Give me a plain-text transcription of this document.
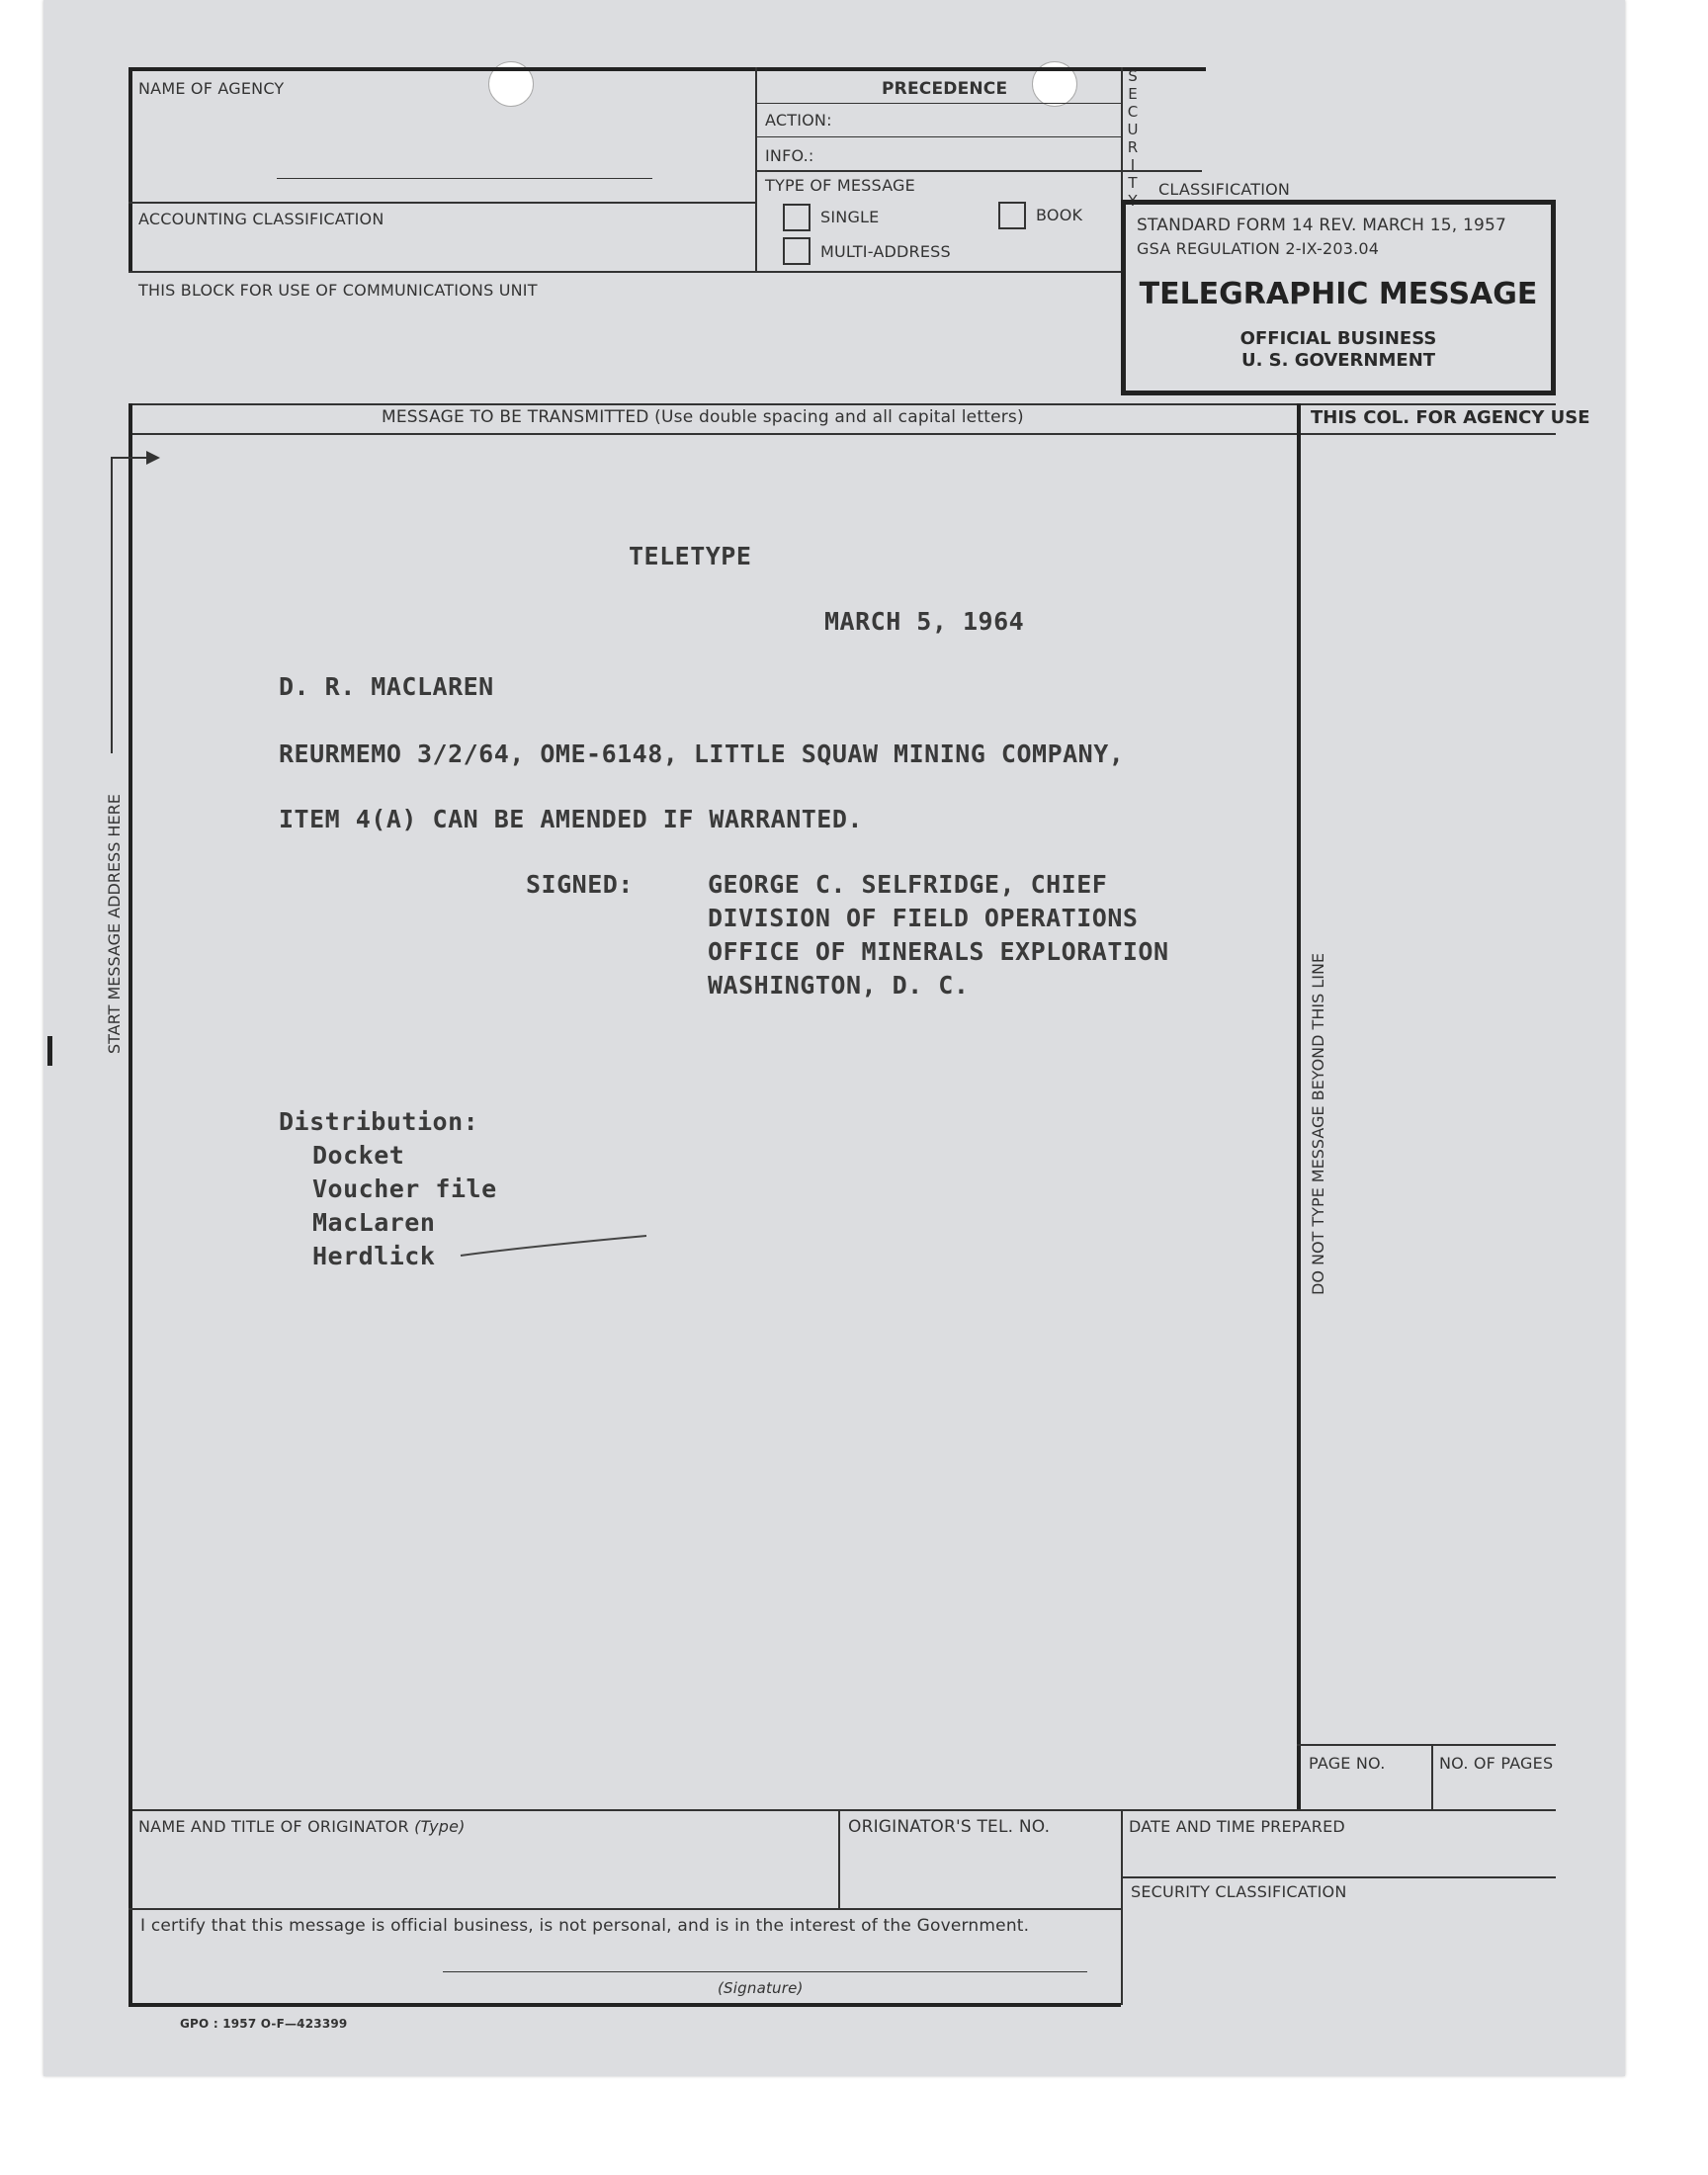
NAME OF AGENCY	PRECEDENCE
ACTION:
INFO.:
S
E
C
U
R
I
T
Y
CLASSIFICATION
TYPE OF MESSAGE
SINGLE	BOOK
MULTI-ADDRESS
ACCOUNTING CLASSIFICATION
THIS BLOCK FOR USE OF COMMUNICATIONS UNIT
STANDARD FORM 14 REV. MARCH 15, 1957
GSA REGULATION 2-IX-203.04
TELEGRAPHIC MESSAGE
OFFICIAL BUSINESS
U. S. GOVERNMENT
MESSAGE TO BE TRANSMITTED (Use double spacing and all capital letters)	THIS COL. FOR AGENCY USE
START MESSAGE ADDRESS HERE
DO NOT TYPE MESSAGE BEYOND THIS LINE
TELETYPE
MARCH 5, 1964
D. R. MACLAREN
REURMEMO 3/2/64, OME-6148, LITTLE SQUAW MINING COMPANY,
ITEM 4(A) CAN BE AMENDED IF WARRANTED.
SIGNED:	GEORGE C. SELFRIDGE, CHIEF
DIVISION OF FIELD OPERATIONS
OFFICE OF MINERALS EXPLORATION
WASHINGTON, D. C.
Distribution:
Docket
Voucher file
MacLaren
Herdlick
PAGE NO.	NO. OF PAGES
NAME AND TITLE OF ORIGINATOR (Type)	ORIGINATOR'S TEL. NO.	DATE AND TIME PREPARED
SECURITY CLASSIFICATION
I certify that this message is official business, is not personal, and is in the interest of the Government.
(Signature)
GPO : 1957 O-F—423399
